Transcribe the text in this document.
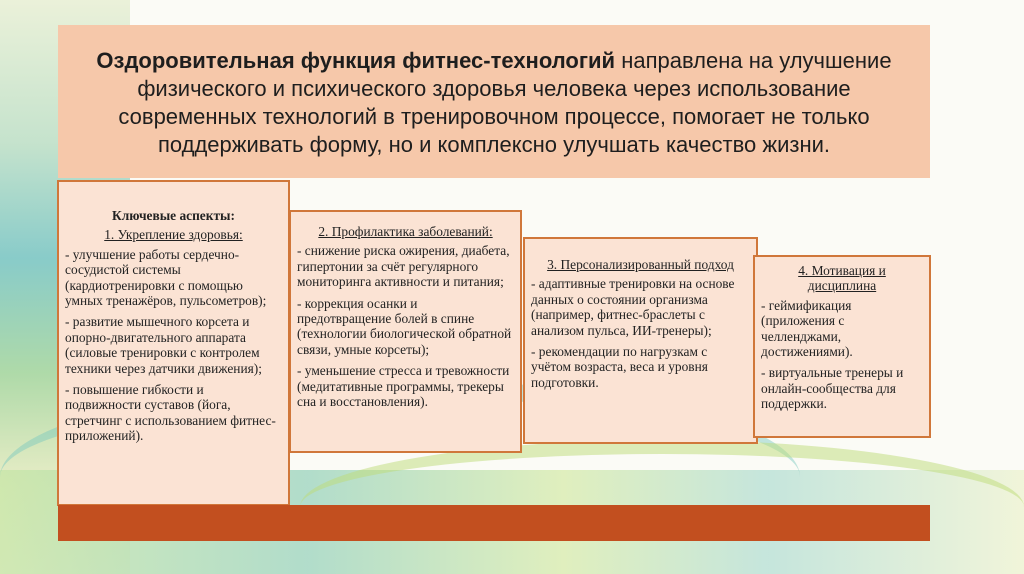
Оздоровительная функция фитнес-технологий направлена на улучшение физического и психического здоровья человека через использование современных технологий в тренировочном процессе, помогает не только поддерживать форму, но и комплексно улучшать качество жизни.
Ключевые аспекты:
1. Укрепление здоровья:

- улучшение работы сердечно-сосудистой системы (кардиотренировки с помощью умных тренажёров, пульсометров);

- развитие мышечного корсета и опорно-двигательного аппарата (силовые тренировки с контролем техники через датчики движения);

- повышение гибкости и подвижности суставов (йога, стретчинг с использованием фитнес-приложений).

2. Профилактика заболеваний:

- снижение риска ожирения, диабета, гипертонии за счёт регулярного мониторинга активности и питания;

- коррекция осанки и предотвращение болей в спине (технологии биологической обратной связи, умные корсеты);

- уменьшение стресса и тревожности (медитативные программы, трекеры сна и восстановления).

3. Персонализированный подход

- адаптивные тренировки на основе данных о состоянии организма (например, фитнес-браслеты с анализом пульса, ИИ-тренеры);

- рекомендации по нагрузкам с учётом возраста, веса и уровня подготовки.

4. Мотивация и дисциплина

- геймификация (приложения с челленджами, достижениями).

- виртуальные тренеры и онлайн-сообщества для поддержки.
